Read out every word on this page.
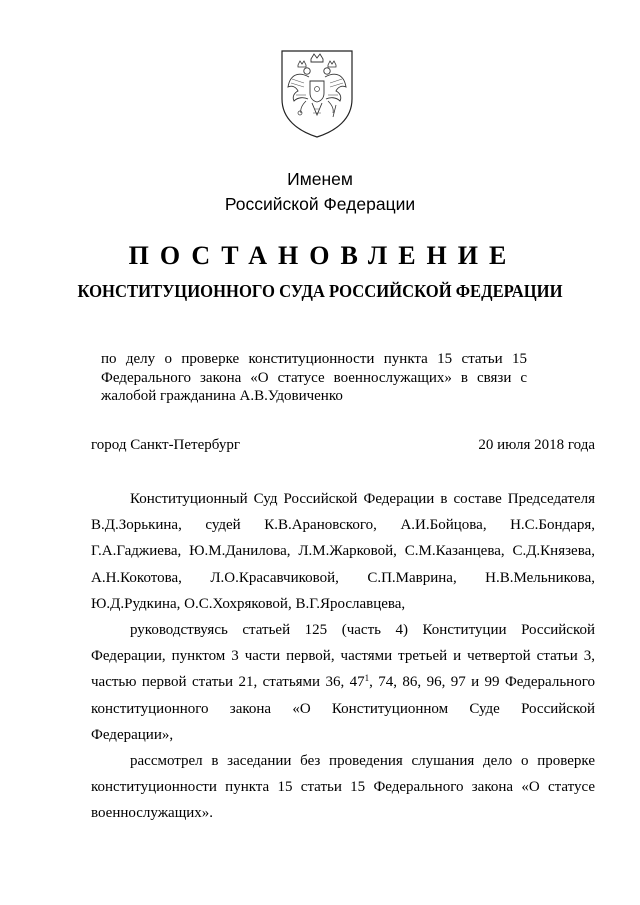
Именем
Российской Федерации
ПОСТАНОВЛЕНИЕ
КОНСТИТУЦИОННОГО СУДА РОССИЙСКОЙ ФЕДЕРАЦИИ
по делу о проверке конституционности пункта 15 статьи 15
Федерального закона «О статусе военнослужащих» в связи с
жалобой гражданина А.В.Удовиченко
город Санкт-Петербург	20 июля 2018 года
Конституционный Суд Российской Федерации в составе Председателя
В.Д.Зорькина, судей К.В.Арановского, А.И.Бойцова, Н.С.Бондаря,
Г.А.Гаджиева, Ю.М.Данилова, Л.М.Жарковой, С.М.Казанцева, С.Д.Князева,
А.Н.Кокотова, Л.О.Красавчиковой, С.П.Маврина, Н.В.Мельникова,
Ю.Д.Рудкина, О.С.Хохряковой, В.Г.Ярославцева,
руководствуясь статьей 125 (часть 4) Конституции Российской
Федерации, пунктом 3 части первой, частями третьей и четвертой статьи 3,
частью первой статьи 21, статьями 36, $47^1$, 74, 86, 96, 97 и 99 Федерального
конституционного закона «О Конституционном Суде Российской
Федерации»,
рассмотрел в заседании без проведения слушания дело о проверке
конституционности пункта 15 статьи 15 Федерального закона «О статусе
военнослужащих».
